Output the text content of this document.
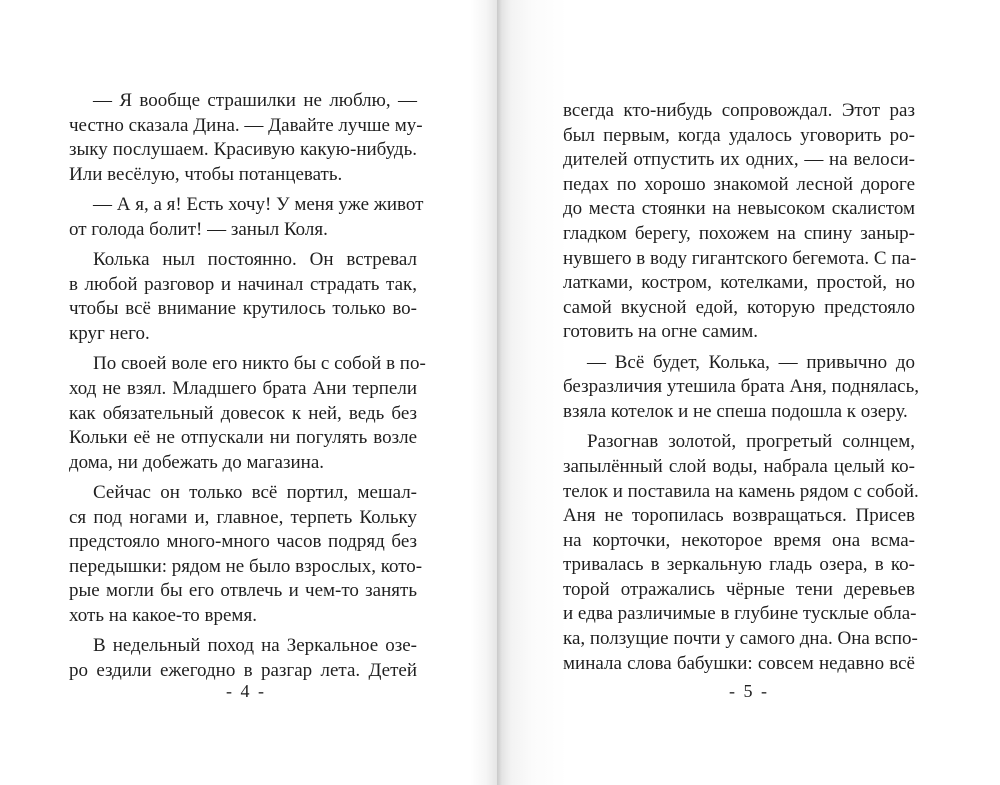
— Я вообще страшилки не люблю, —
честно сказала Дина. — Давайте лучше му-
зыку послушаем. Красивую какую-нибудь.
Или весёлую, чтобы потанцевать.
— А я, а я! Есть хочу! У меня уже живот
от голода болит! — заныл Коля.
Колька ныл постоянно. Он встревал
в любой разговор и начинал страдать так,
чтобы всё внимание крутилось только во-
круг него.
По своей воле его никто бы с собой в по-
ход не взял. Младшего брата Ани терпели
как обязательный довесок к ней, ведь без
Кольки её не отпускали ни погулять возле
дома, ни добежать до магазина.
Сейчас он только всё портил, мешал-
ся под ногами и, главное, терпеть Кольку
предстояло много-много часов подряд без
передышки: рядом не было взрослых, кото-
рые могли бы его отвлечь и чем-то занять
хоть на какое-то время.
В недельный поход на Зеркальное озе-
ро ездили ежегодно в разгар лета. Детей
- 4 -
всегда кто-нибудь сопровождал. Этот раз
был первым, когда удалось уговорить ро-
дителей отпустить их одних, — на велоси-
педах по хорошо знакомой лесной дороге
до места стоянки на невысоком скалистом
гладком берегу, похожем на спину заныр-
нувшего в воду гигантского бегемота. С па-
латками, костром, котелками, простой, но
самой вкусной едой, которую предстояло
готовить на огне самим.
— Всё будет, Колька, — привычно до
безразличия утешила брата Аня, поднялась,
взяла котелок и не спеша подошла к озеру.
Разогнав золотой, прогретый солнцем,
запылённый слой воды, набрала целый ко-
телок и поставила на камень рядом с собой.
Аня не торопилась возвращаться. Присев
на корточки, некоторое время она всма-
тривалась в зеркальную гладь озера, в ко-
торой отражались чёрные тени деревьев
и едва различимые в глубине тусклые обла-
ка, ползущие почти у самого дна. Она вспо-
минала слова бабушки: совсем недавно всё
- 5 -
